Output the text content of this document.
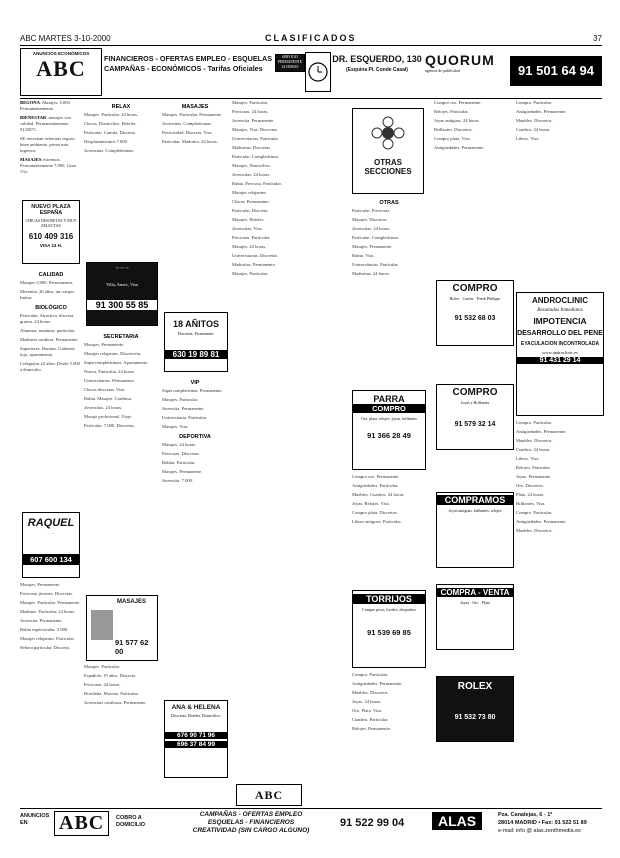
ABC MARTES 3-10-2000	CLASIFICADOS	37
ANUNCIOS ECONÓMICOS
ABC	FINANCIEROS - OFERTAS EMPLEO - ESQUELAS
CAMPAÑAS - ECONÓMICOS - Tarifas Oficiales
SERVICIO PERMANENTE 24 HORAS
DR. ESQUERDO, 130
(Esquina Pl. Conde Casal)
QUORUM
agencia de publicidad	91 501 64 94

BEGOÑA. Masajes, 5.000 Permanentemente.

BIENESTAR, masajes con calidad. Permanentemente. 9133871.

SE necesitan señoritas seguro, buen ambiente, prima más ingresos.

MASAJES extremos. Permanentemente 7.000. Gran Vía.

NUEVO PLAZA ESPAÑA
CHICAS DISCRETAS Y MUY SELECTAS
610 409 316
VISA 24 H.
CALIDAD

Masajes 5.000. Permanentes.

Morenita, 20 años, un cuerpo. Imitar.

BIOLÓGICO

Particular. Atractiva, discreta, gruesa. 24 horas.

Alumnas, maduras, particular.

Madurita cariñosa. Permanente.

Superiores. Bonitas. Gabinete lujo, apartamento.

Colegialas 22 años. Desde 5.000 a domicilio.

RAQUEL
· · ·
607 600 134

Masajes. Permanente.

Preciosas jóvenes. Discretas.

Masajes. Particular. Permanente.

Maduras. Particular. 24 horas.

Jovencita. Permanente.

Rubia espectacular. 5.000.

Masajes relajantes. Particular.

Señora particular. Discreta.

RELAX

Masajes. Particular. 24 horas.

Chicas. Domicilios. Hoteles.

Particular. Camila. Discreta.

Desplazamientos 7.000.

Jovencitas. Completísimas.

~ ~ ~
Villa, Amex, Visa
91 300 55 85
SECRETARIA

Masajes. Permanente.

Masajes relajantes. Discreción.

Supercompletísimas. Apartamento.

Nueva. Particular. 24 horas.

Universitarias. Permanente.

Chicas discretas. Visa.

Rubia. Masajes. Cariñosa.

Jovencitas. 24 horas.

Masaje profesional. Viaje.

Particular. 7.000. Discretas.

MASAJES
91 577 62 00

Masajes. Particular.

Española. 19 años. Discreta.

Preciosas. 24 horas.

Brasileña. Morena. Particular.

Jovencitas cariñosas. Permanente.

MASAJES

Masajes. Particular. Permanente.

Jovencitas. Completísimas.

Preciosidad. Discreta. Visa.

Particular. Madurita. 24 horas.

18 AÑITOS
Discretas. Permanente.
630 19 89 81
VIP

Supercompletísima. Permanente.

Masajes. Particular.

Jovencita. Permanente.

Universitaria. Particular.

Masajes. Visa.

DEPORTIVA

Masajes. 24 horas.

Preciosas. Discretas.

Rubita. Particular.

Masajes. Permanente.

Jovencita. 7.000.

ANA & HELENA
Discretas. Hoteles. Domicilios.
676 90 71 96
696 37 84 99

Masajes. Particular.

Preciosas. 24 horas.

Jovencita. Permanente.

Masajes. Visa. Discretas.

Universitarias. Particular.

Maduritas. Discretas.

Particular. Completísima.

Masajes. Domicilios.

Jovencitas. 24 horas.

Rubia. Preciosa. Particular.

Masajes relajantes.

Chicas. Permanente.

Particular. Discreta.

Masajes. Hoteles.

Jovencitas. Visa.

Preciosas. Particular.

Masajes. 24 horas.

Universitarias. Discretas.

Maduritas. Permanente.

Masajes. Particular.

ABC
OTRAS SECCIONES
OTRAS

Particular. Preciosas.

Masajes. Discretas.

Jovencitas. 24 horas.

Particular. Completísima.

Masajes. Permanente.

Rubia. Visa.

Universitarias. Particular.

Maduritas. 24 horas.

PARRA
COMPRO
Oro, plata, relojes, joyas, brillantes
91 366 28 49

Compro oro. Permanente.

Antigüedades. Particular.

Muebles. Cuadros. 24 horas.

Joyas. Relojes. Visa.

Compro plata. Discretos.

Libros antiguos. Particular.

TORRIJOS
Compro pisos, locales, despachos
91 539 69 85

Compro. Particular.

Antigüedades. Permanente.

Muebles. Discretos.

Joyas. 24 horas.

Oro. Plata. Visa.

Cuadros. Particular.

Relojes. Permanente.

Compro oro. Permanente.

Relojes. Particular.

Joyas antiguas. 24 horas.

Brillantes. Discretos.

Compro plata. Visa.

Antigüedades. Permanente.

COMPRO
Rolex · Cartier · Patek Philippe
91 532 68 03
COMPRO
Joyas y Brillantes
91 579 32 14
COMPRAMOS
Joyas antiguas, brillantes, relojes
COMPRA - VENTA
Joyas · Oro · Plata
ROLEX
91 532 73 80

Compro. Particular.

Antigüedades. Permanente.

Muebles. Discretos.

Cuadros. 24 horas.

Libros. Visa.

ANDROCLINIC
Resultados Inmediatos
IMPOTENCIA
DESARROLLO DEL PENE
EYACULACION INCONTROLADA
www.androclinic.es
91 431 29 14

Compro. Particular.

Antigüedades. Permanente.

Muebles. Discretos.

Cuadros. 24 horas.

Libros. Visa.

Relojes. Particular.

Joyas. Permanente.

Oro. Discretos.

Plata. 24 horas.

Brillantes. Visa.

Compro. Particular.

Antigüedades. Permanente.

Muebles. Discretos.

ANUNCIOS EN	ABC	COBRO A DOMICILIO
CAMPAÑAS - OFERTAS EMPLEO
ESQUELAS - FINANCIEROS
CREATIVIDAD (SIN CARGO ALGUNO)
91 522 99 04	ALAS	Pza. Canalejas, 6 - 1º
28014 MADRID • Fax: 91 522 51 89
e-mail: info @ alas.zenthmedia.es
